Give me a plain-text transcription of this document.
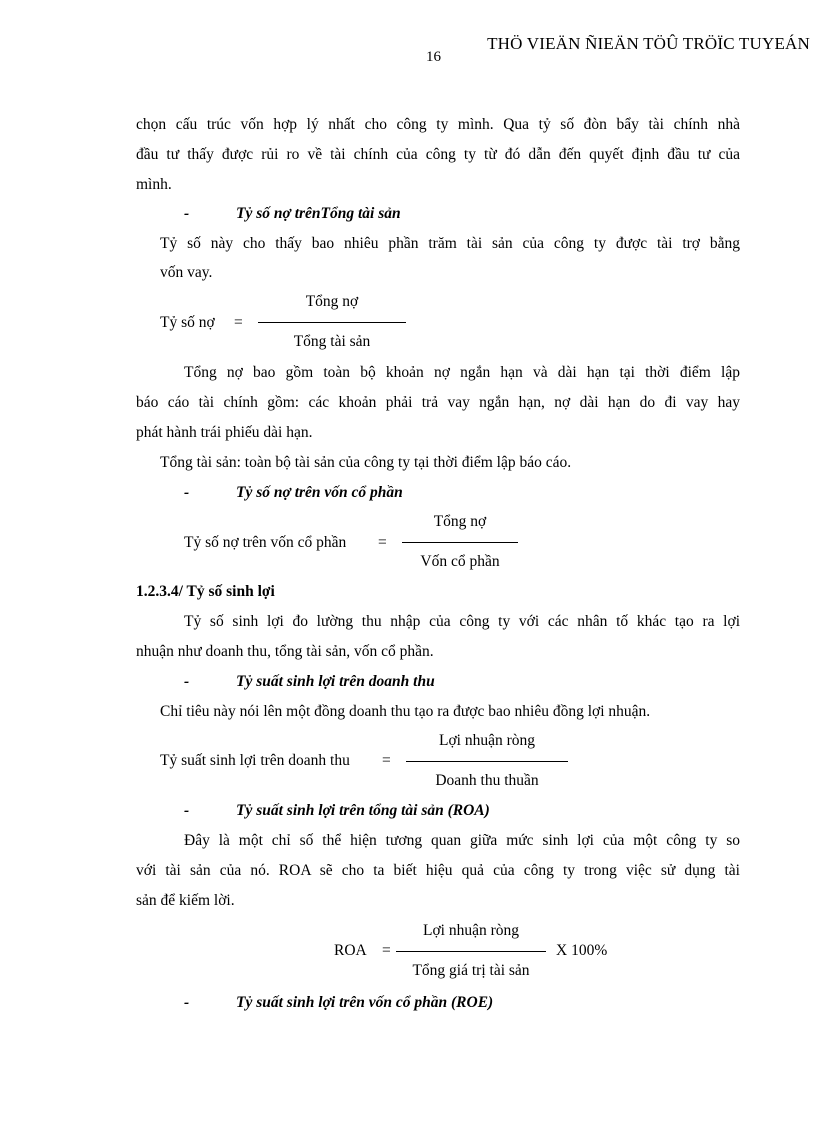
THÖ VIEÄN ÑIEÄN TÖÛ TRÖÏC TUYEÁN
16
chọn cấu trúc vốn hợp lý nhất cho công ty mình. Qua tỷ số đòn bẩy tài chính nhà
đầu tư thấy được rủi ro về tài chính của công ty từ đó dẫn đến quyết định đầu tư của
mình.
-	Tỷ số nợ trênTổng tài sản
Tỷ số này cho thấy bao nhiêu phần trăm tài sản của công ty được tài trợ bằng
vốn vay.
Tỷ số nợ =
Tổng nợ
Tổng tài sản
Tổng nợ bao gồm toàn bộ khoản nợ ngắn hạn và dài hạn tại thời điểm lập
báo cáo tài chính gồm: các khoản phải trả vay ngắn hạn, nợ dài hạn do đi vay hay
phát hành trái phiếu dài hạn.
Tổng tài sản: toàn bộ tài sản của công ty tại thời điểm lập báo cáo.
-	Tỷ số nợ trên vốn cổ phần
Tỷ số nợ trên vốn cổ phần =
Tổng nợ
Vốn cổ phần
1.2.3.4/ Tỷ số sinh lợi
Tỷ số sinh lợi đo lường thu nhập của công ty với các nhân tố khác tạo ra lợi
nhuận như doanh thu, tổng tài sản, vốn cổ phần.
-	Tỷ suất sinh lợi trên doanh thu
Chỉ tiêu này nói lên một đồng doanh thu tạo ra được bao nhiêu đồng lợi nhuận.
Tỷ suất sinh lợi trên doanh thu =
Lợi nhuận ròng
Doanh thu thuần
-	Tỷ suất sinh lợi trên tổng tài sản (ROA)
Đây là một chỉ số thể hiện tương quan giữa mức sinh lợi của một công ty so
với tài sản của nó. ROA sẽ cho ta biết hiệu quả của công ty trong việc sử dụng tài
sản để kiếm lời.
ROA =
Lợi nhuận ròng
Tổng giá trị tài sản
X 100%
-	Tỷ suất sinh lợi trên vốn cổ phần (ROE)
